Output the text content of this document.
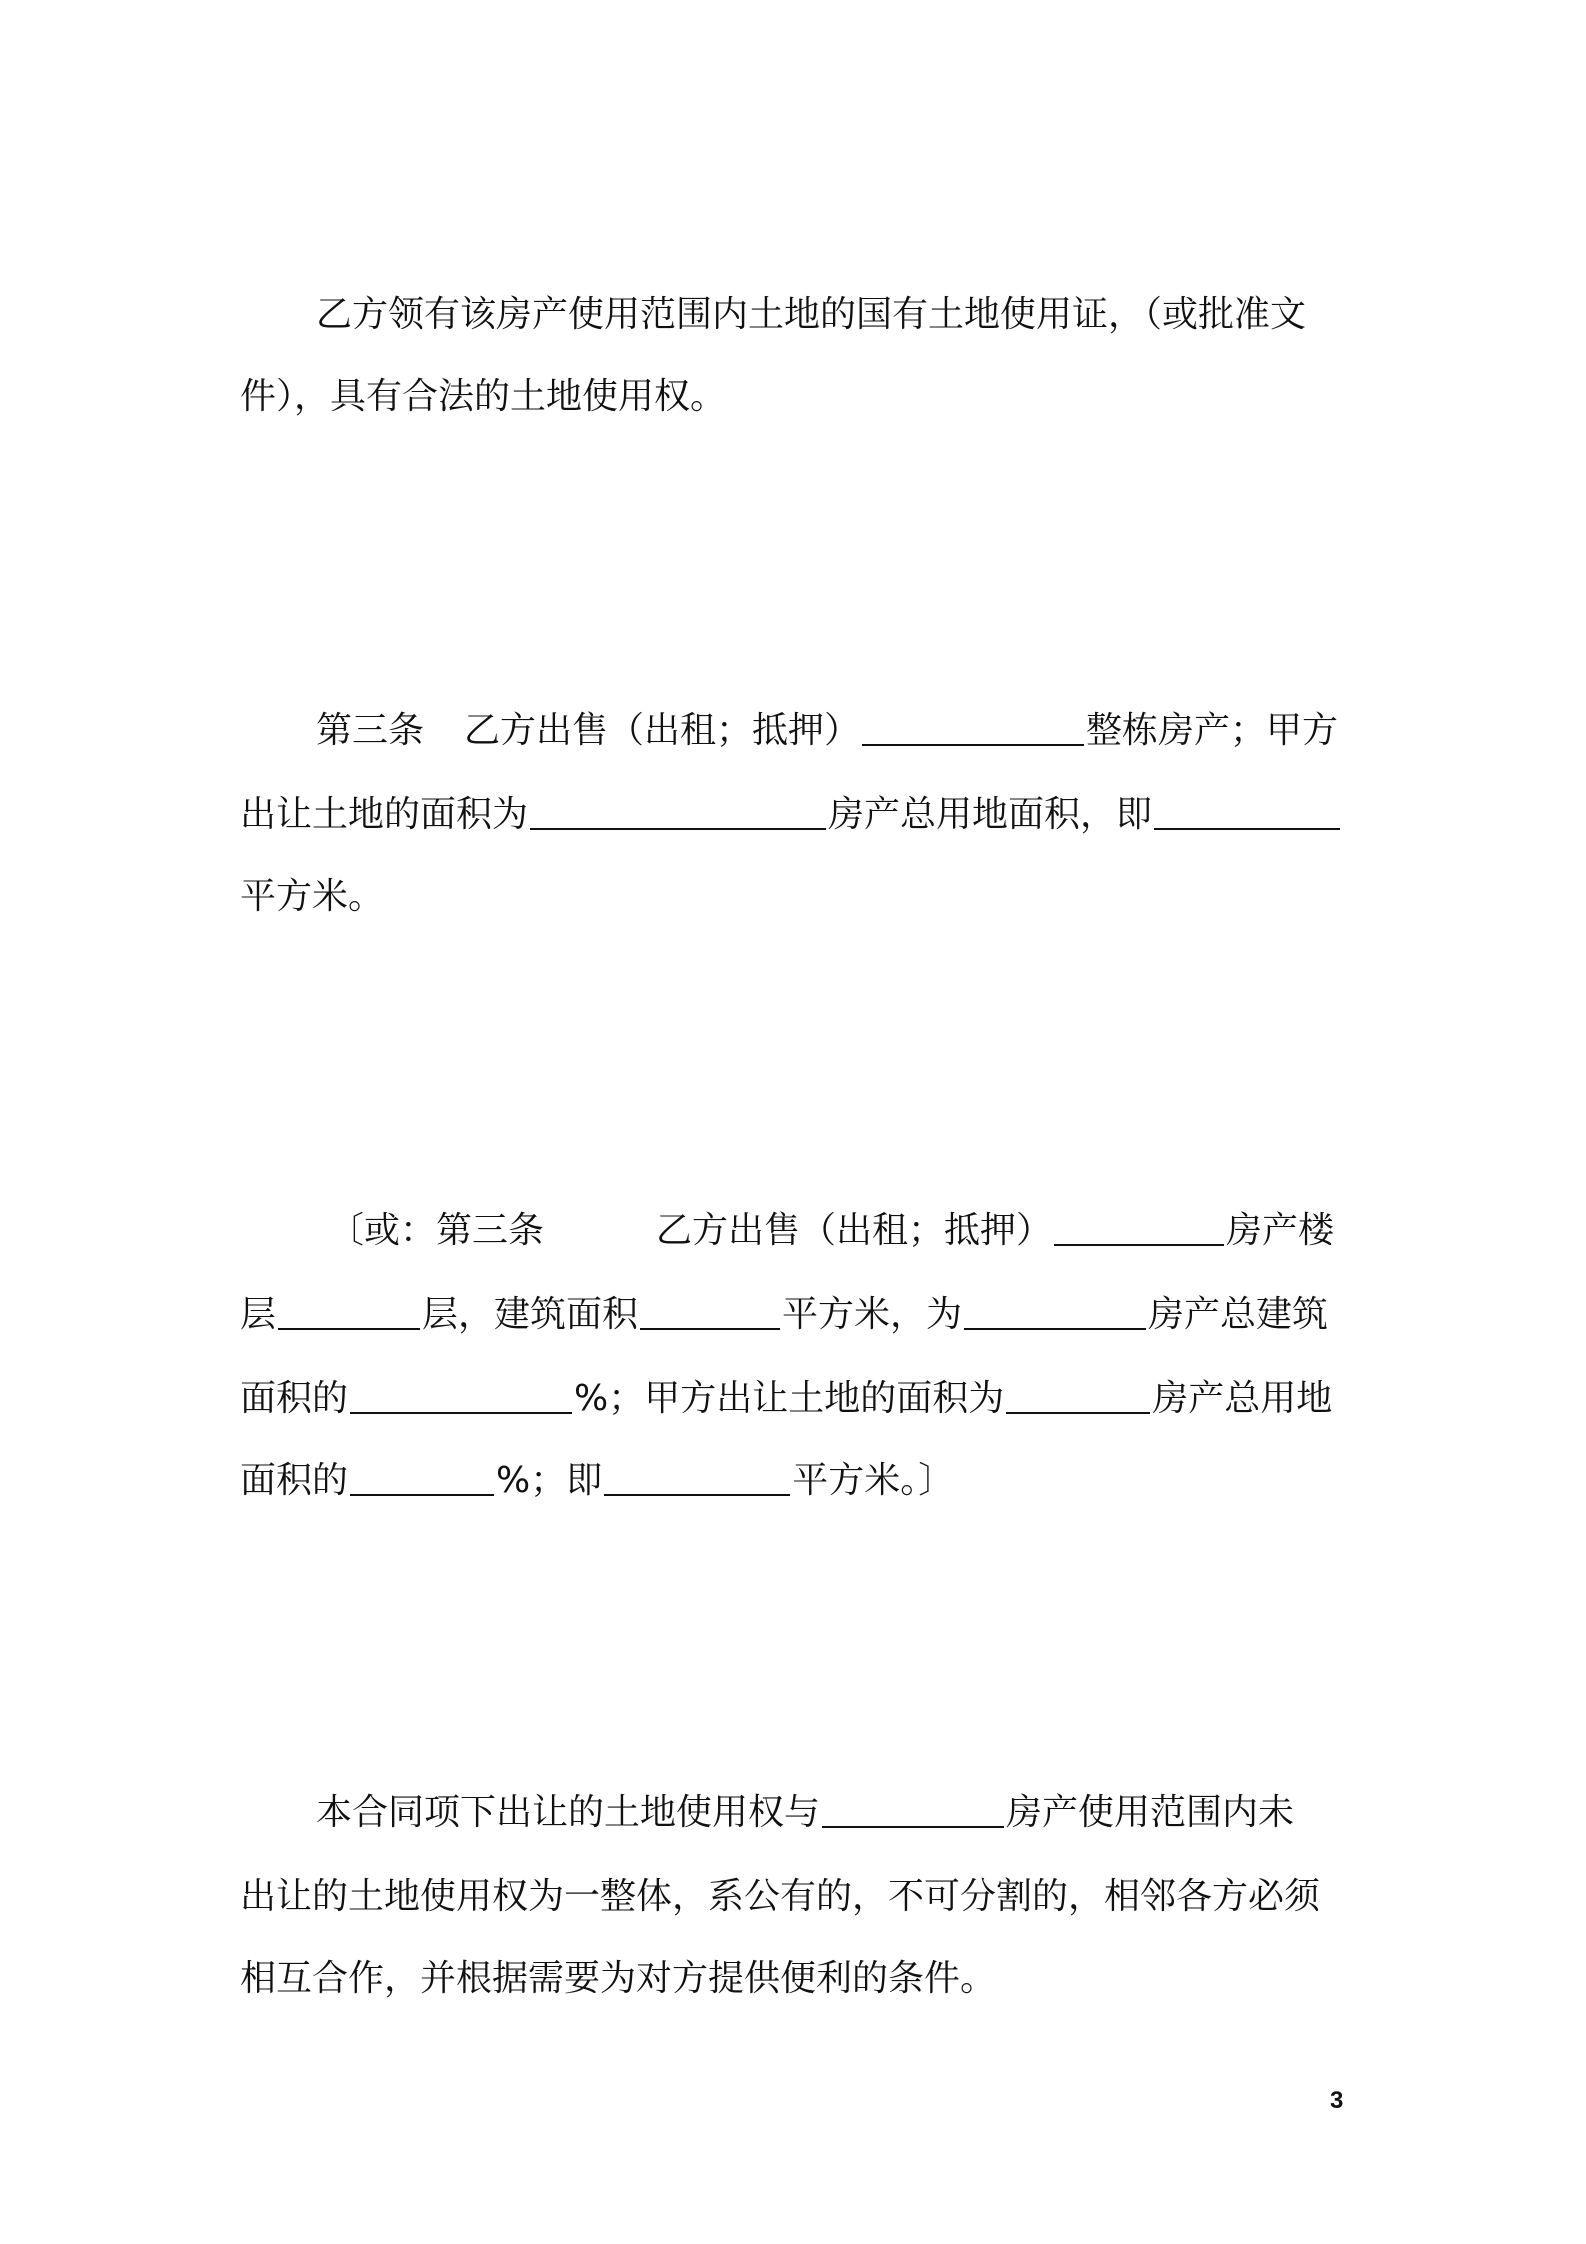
乙方领有该房产使用范围内土地的国有土地使用证，（或批准文
件），具有合法的土地使用权。
第三条 乙方出售（出租；抵押）	整栋房产；甲方
出让土地的面积为	房产总用地面积，即
平方米。
〔或：第三条	乙方出售（出租；抵押）	房产楼
层	层，建筑面积	平方米，为	房产总建筑
面积的	%；甲方出让土地的面积为	房产总用地
面积的	%；即	平方米。〕
本合同项下出让的土地使用权与	房产使用范围内未
出让的土地使用权为一整体，系公有的，不可分割的，相邻各方必须
相互合作，并根据需要为对方提供便利的条件。
3
